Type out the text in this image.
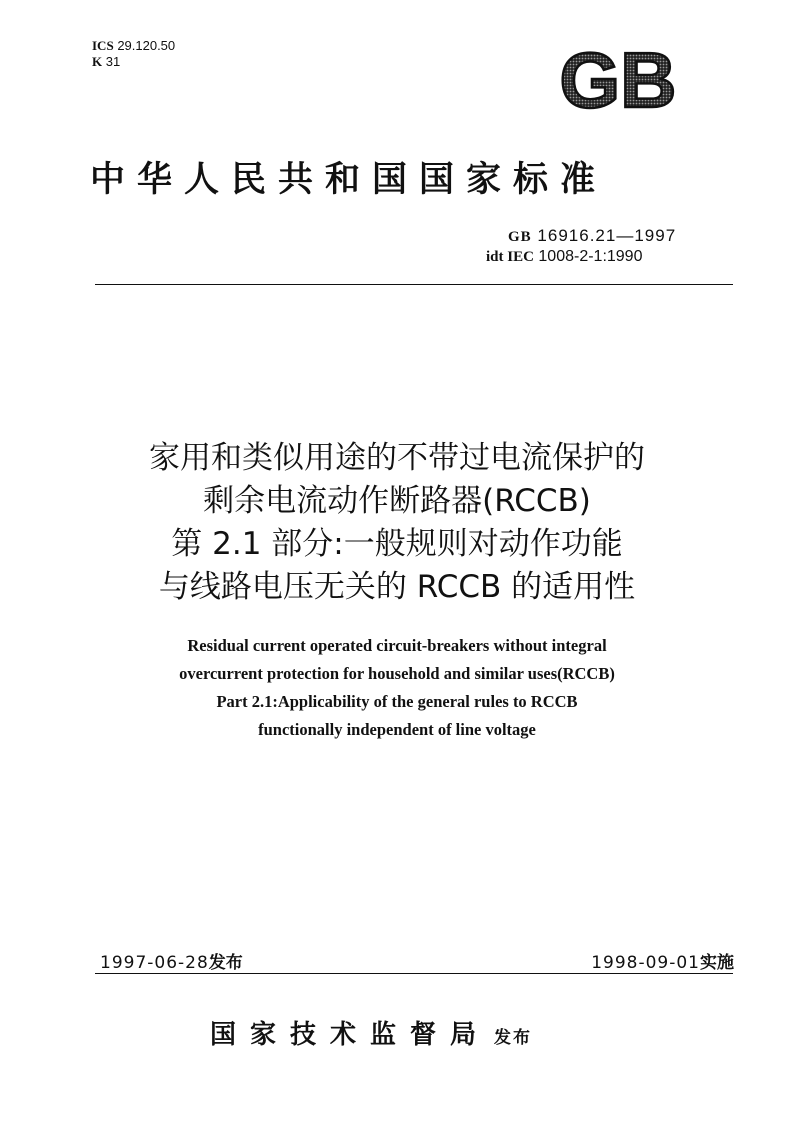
ICS 29.120.50
K 31	GB
中华人民共和国国家标准
GB 16916.21—1997
idt IEC 1008-2-1:1990
家用和类似用途的不带过电流保护的
剩余电流动作断路器(RCCB)
第 2.1 部分:一般规则对动作功能
与线路电压无关的 RCCB 的适用性
Residual current operated circuit-breakers without integral
overcurrent protection for household and similar uses(RCCB)
Part 2.1:Applicability of the general rules to RCCB
functionally independent of line voltage
1997-06-28发布	1998-09-01实施
国家技术监督局 发布
